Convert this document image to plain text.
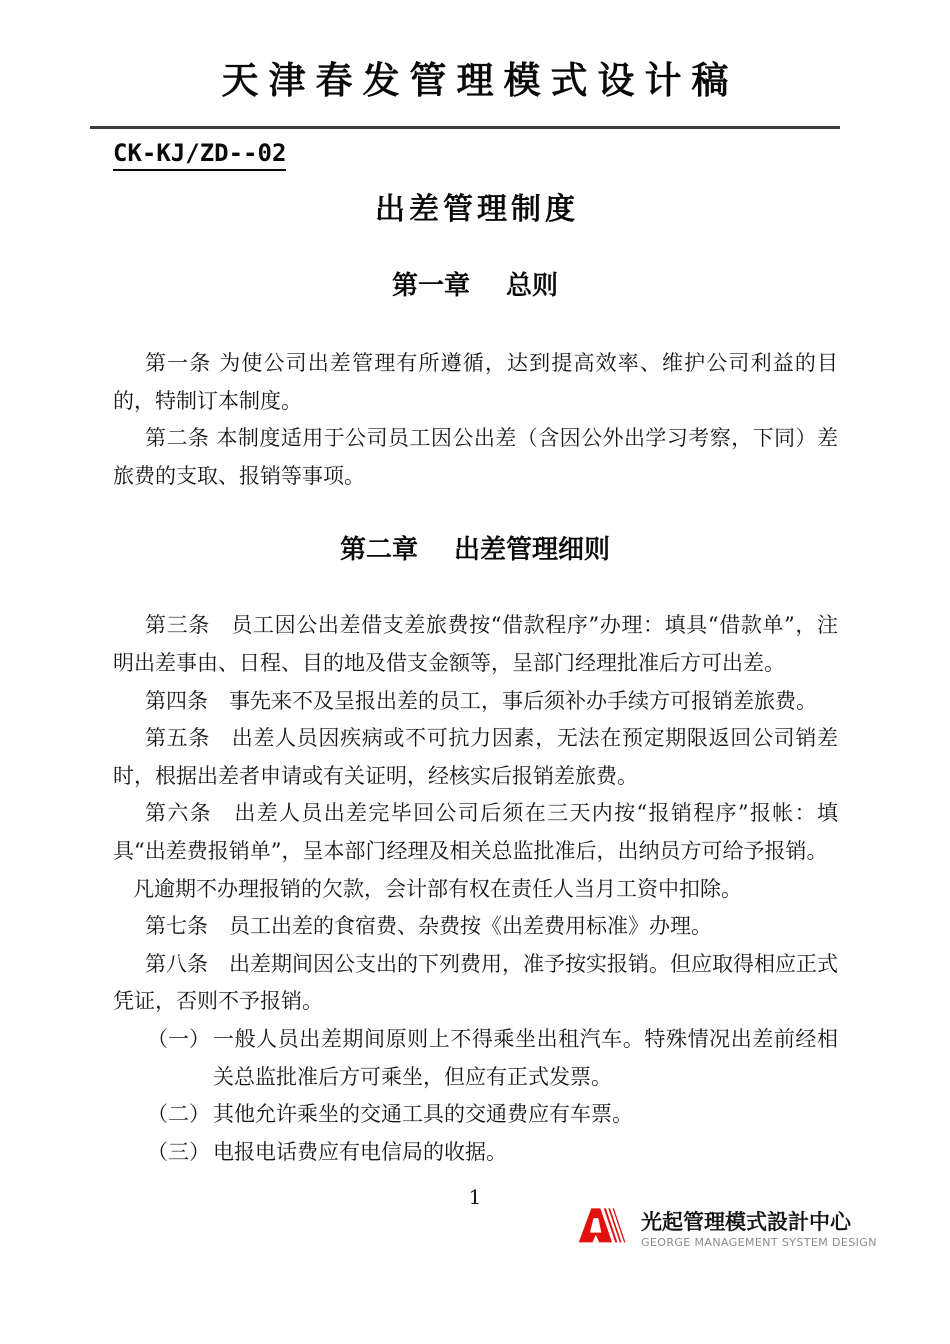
天津春发管理模式设计稿
CK-KJ/ZD--02
出差管理制度
第一章 总则

第一条 为使公司出差管理有所遵循，达到提高效率、维护公司利益的目的，特制订本制度。

第二条 本制度适用于公司员工因公出差（含因公外出学习考察，下同）差旅费的支取、报销等事项。

第二章 出差管理细则

第三条　员工因公出差借支差旅费按“借款程序”办理：填具“借款单”，注明出差事由、日程、目的地及借支金额等，呈部门经理批准后方可出差。

第四条　事先来不及呈报出差的员工，事后须补办手续方可报销差旅费。

第五条　出差人员因疾病或不可抗力因素，无法在预定期限返回公司销差时，根据出差者申请或有关证明，经核实后报销差旅费。

第六条　出差人员出差完毕回公司后须在三天内按“报销程序”报帐：填具“出差费报销单”，呈本部门经理及相关总监批准后，出纳员方可给予报销。

凡逾期不办理报销的欠款，会计部有权在责任人当月工资中扣除。

第七条　员工出差的食宿费、杂费按《出差费用标准》办理。

第八条　出差期间因公支出的下列费用，准予按实报销。但应取得相应正式凭证，否则不予报销。

（一） 一般人员出差期间原则上不得乘坐出租汽车。特殊情况出差前经相关总监批准后方可乘坐，但应有正式发票。
（二） 其他允许乘坐的交通工具的交通费应有车票。
（三） 电报电话费应有电信局的收据。
1
光起管理模式設計中心
GEORGE MANAGEMENT SYSTEM DESIGN
